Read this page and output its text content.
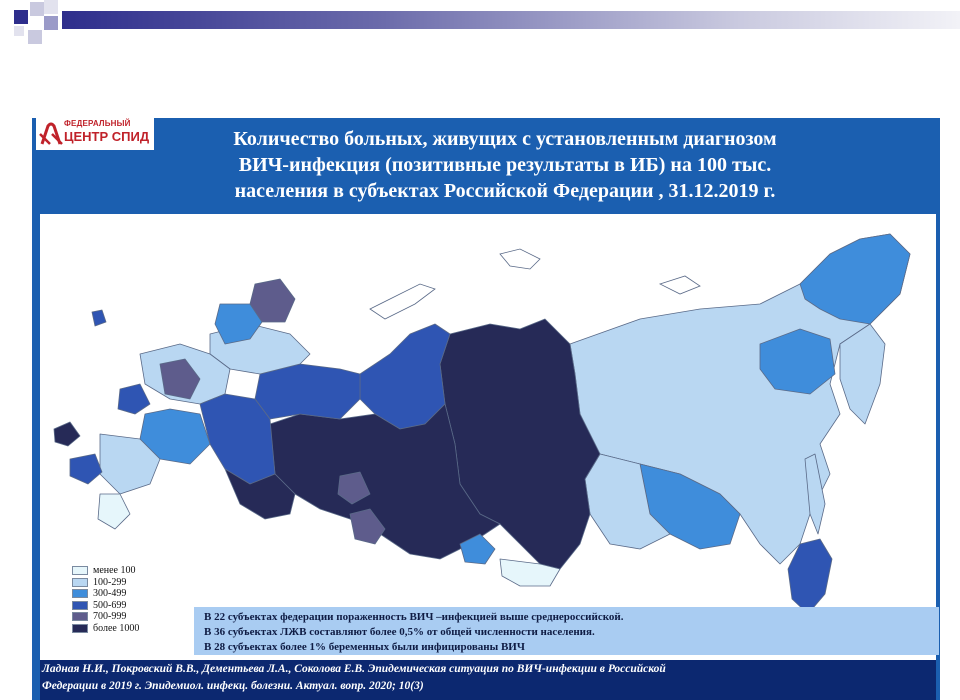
ФЕДЕРАЛЬНЫЙ
ЦЕНТР СПИД	Количество больных, живущих с установленным диагнозом
ВИЧ-инфекция (позитивные результаты в ИБ) на 100 тыс.
населения в субъектах Российской Федерации , 31.12.2019 г.
менее 100
100-299
300-499
500-699
700-999
более 1000
В 22 субъектах федерации пораженность ВИЧ –инфекцией выше среднероссийской.
В 36 субъектах ЛЖВ составляют более 0,5% от общей численности населения.
В 28 субъектах более 1% беременных были инфицированы ВИЧ
Ладная Н.И., Покровский В.В., Дементьева Л.А., Соколова Е.В. Эпидемическая ситуация по ВИЧ-инфекции в Российской
Федерации в 2019 г. Эпидемиол. инфекц. болезни. Актуал. вопр. 2020; 10(3)
